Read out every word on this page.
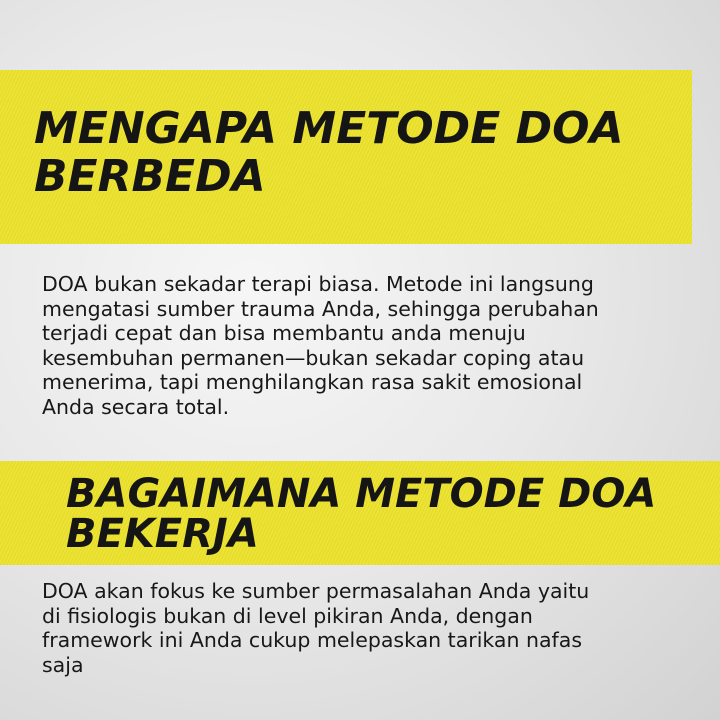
MENGAPA METODE DOA
BERBEDA

DOA bukan sekadar terapi biasa. Metode ini langsung
mengatasi sumber trauma Anda, sehingga perubahan
terjadi cepat dan bisa membantu anda menuju
kesembuhan permanen—bukan sekadar coping atau
menerima, tapi menghilangkan rasa sakit emosional
Anda secara total.

BAGAIMANA METODE DOA
BEKERJA

DOA akan fokus ke sumber permasalahan Anda yaitu
di fisiologis bukan di level pikiran Anda, dengan
framework ini Anda cukup melepaskan tarikan nafas
saja
